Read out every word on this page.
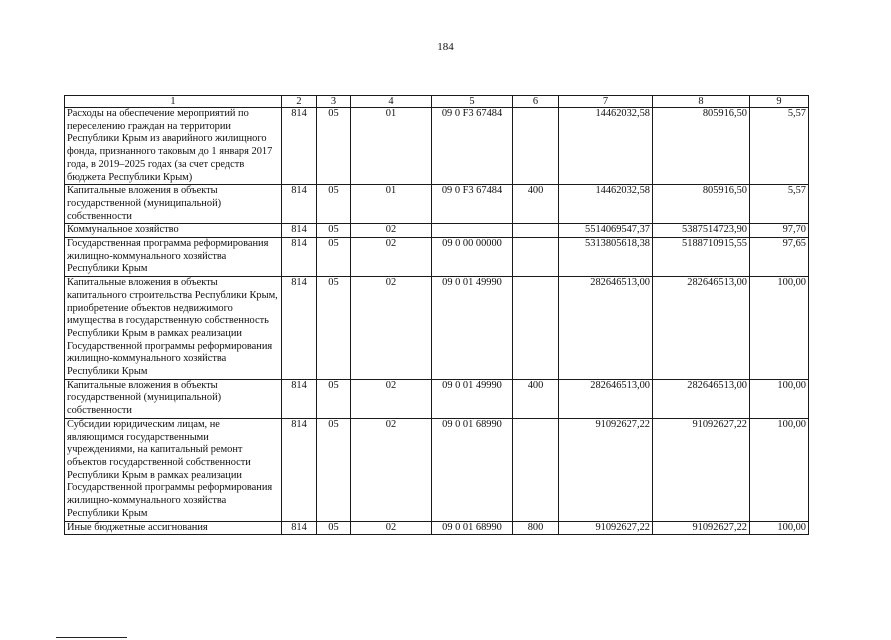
184
1	2	3	4	5	6	7	8	9
Расходы на обеспечение мероприятий по переселению граждан на территории Республики Крым из аварийного жилищного фонда, признанного таковым до 1 января 2017 года, в 2019–2025 годах (за счет средств бюджета Республики Крым)	814	05	01	09 0 F3 67484		14462032,58	805916,50	5,57
Капитальные вложения в объекты государственной (муниципальной) собственности	814	05	01	09 0 F3 67484	400	14462032,58	805916,50	5,57
Коммунальное хозяйство	814	05	02			5514069547,37	5387514723,90	97,70
Государственная программа реформирования жилищно-коммунального хозяйства Республики Крым	814	05	02	09 0 00 00000		5313805618,38	5188710915,55	97,65
Капитальные вложения в объекты капитального строительства Республики Крым, приобретение объектов недвижимого имущества в государственную собственность Республики Крым в рамках реализации Государственной программы реформирования жилищно-коммунального хозяйства Республики Крым	814	05	02	09 0 01 49990		282646513,00	282646513,00	100,00
Капитальные вложения в объекты государственной (муниципальной) собственности	814	05	02	09 0 01 49990	400	282646513,00	282646513,00	100,00
Субсидии юридическим лицам, не являющимся государственными учреждениями, на капитальный ремонт объектов государственной собственности Республики Крым в рамках реализации Государственной программы реформирования жилищно-коммунального хозяйства Республики Крым	814	05	02	09 0 01 68990		91092627,22	91092627,22	100,00
Иные бюджетные ассигнования	814	05	02	09 0 01 68990	800	91092627,22	91092627,22	100,00
